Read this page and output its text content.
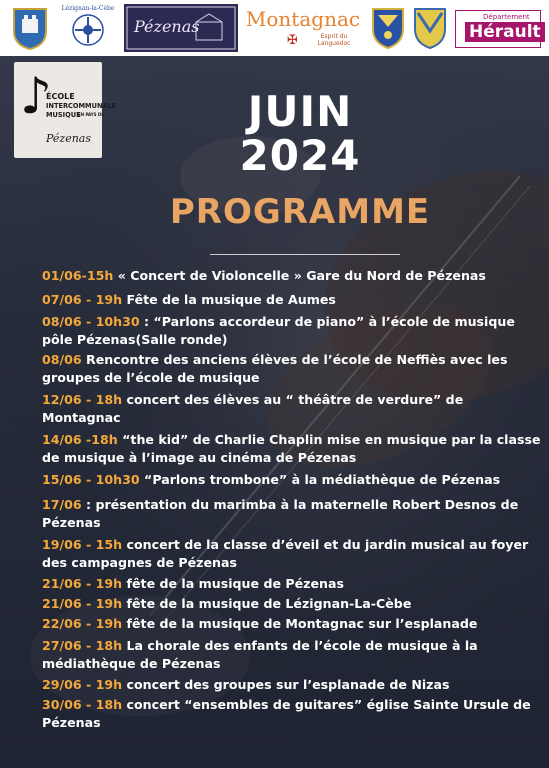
Lézignan-la-Cèbe
Pézenas Montagnac
Esprit du Languedoc
✠
Département
Hérault
♪
ÉCOLE
INTERCOMMUNALE
MUSIQUE
EN PAYS DE
Pézenas
JUIN
2024
PROGRAMME
01/06-15h « Concert de Violoncelle » Gare du Nord de Pézenas
07/06 - 19h Fête de la musique de Aumes
08/06 - 10h30 : “Parlons accordeur de piano” à l’école de musique pôle Pézenas(Salle ronde)
08/06 Rencontre des anciens élèves de l’école de Neffiès avec les groupes de l’école de musique
12/06 - 18h concert des élèves au “ théâtre de verdure” de Montagnac
14/06 -18h “the kid” de Charlie Chaplin mise en musique par la classe de musique à l’image au cinéma de Pézenas
15/06 - 10h30 “Parlons trombone” à la médiathèque de Pézenas
17/06 : présentation du marimba à la maternelle Robert Desnos de Pézenas
19/06 - 15h concert de la classe d’éveil et du jardin musical au foyer des campagnes de Pézenas
21/06 - 19h fête de la musique de Pézenas
21/06 - 19h fête de la musique de Lézignan-La-Cèbe
22/06 - 19h fête de la musique de Montagnac sur l’esplanade
27/06 - 18h La chorale des enfants de l’école de musique à la médiathèque de Pézenas
29/06 - 19h concert des groupes sur l’esplanade de Nizas
30/06 - 18h concert “ensembles de guitares” église Sainte Ursule de Pézenas
